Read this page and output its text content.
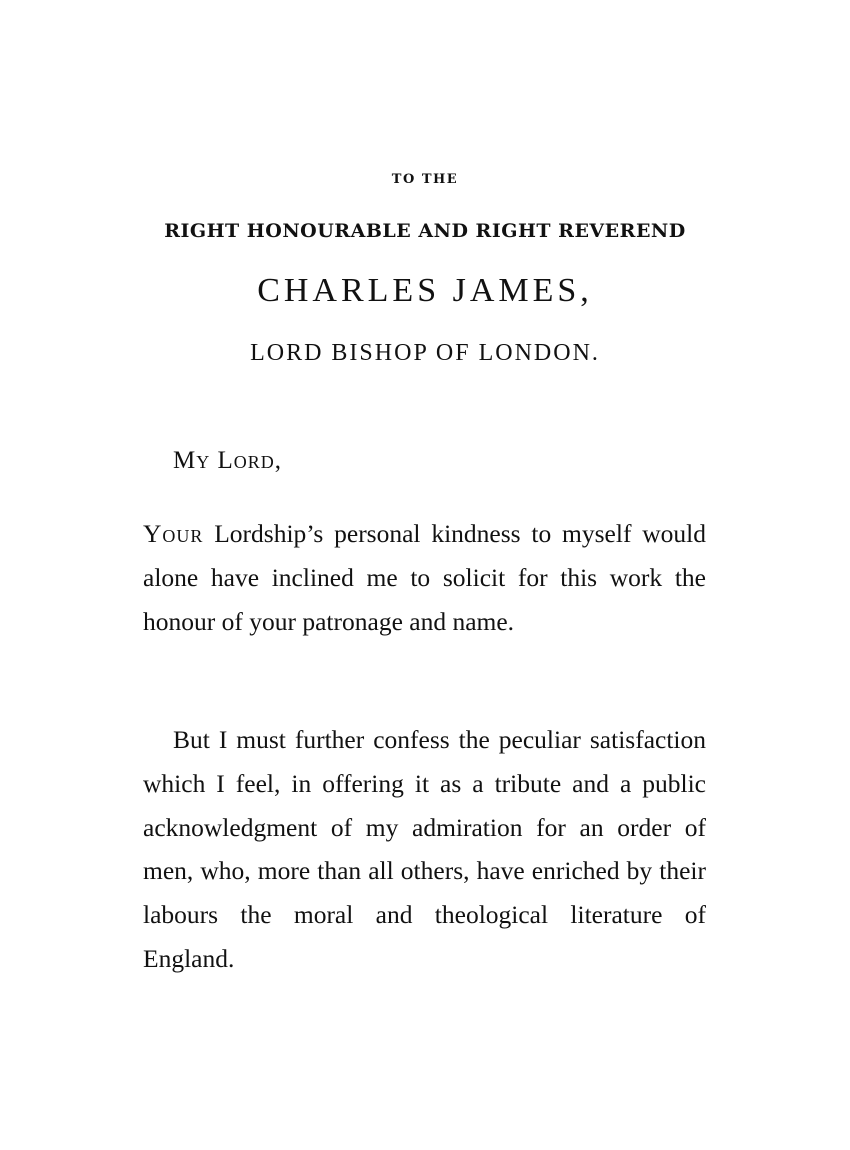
TO THE
RIGHT HONOURABLE AND RIGHT REVEREND
CHARLES JAMES,
LORD BISHOP OF LONDON.
My Lord,

Your Lordship’s personal kindness to myself would alone have inclined me to solicit for this work the honour of your patronage and name.

But I must further confess the peculiar satisfaction which I feel, in offering it as a tribute and a public acknowledgment of my admiration for an order of men, who, more than all others, have enriched by their labours the moral and theological literature of England.
